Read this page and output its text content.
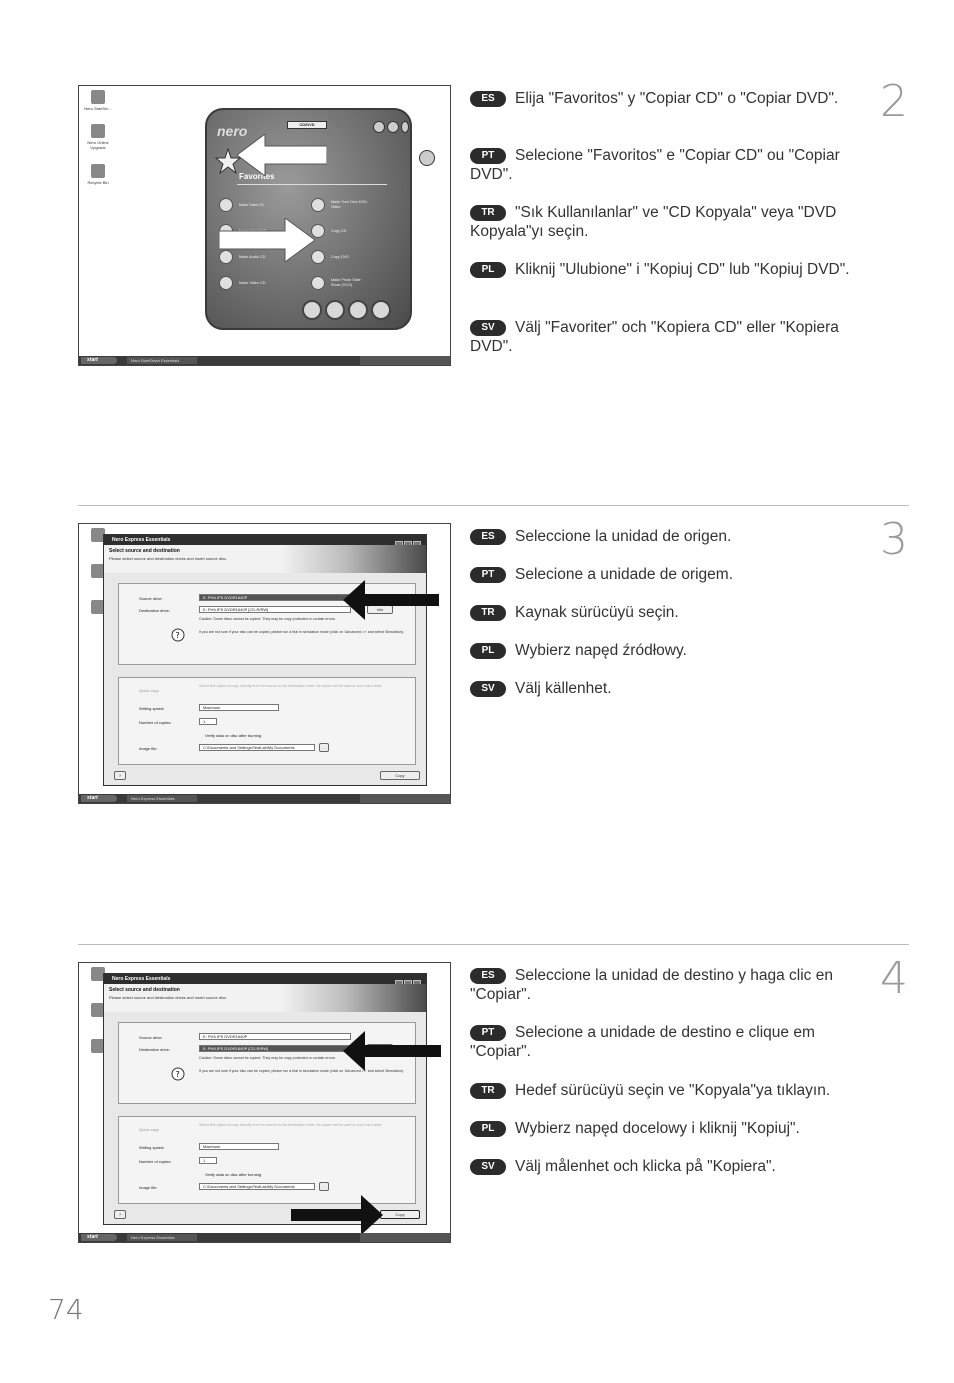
Nero StartSm...
Nero Online Upgrade
Recycle Bin
nero	CD/DVD
Favorites
Make Data CD
Make Audio CD
Make Video CD
Make Your Own DVD-Video
Copy CD
Copy DVD
Make Photo Slide Show (VCD)
start	Nero StartSmart Essentials
ES Elija "Favoritos" y "Copiar CD" o "Copiar DVD".
PT Selecione "Favoritos" e "Copiar CD" ou "Copiar DVD".
TR "Sık Kullanılanlar" ve "CD Kopyala" veya "DVD Kopyala"yı seçin.
PL Kliknij "Ulubione" i "Kopiuj CD" lub "Kopiuj DVD".
SV Välj "Favoriter" och "Kopiera CD" eller "Kopiera DVD".
2
Nero Express Essentials
Select source and destination
Please select source and destination drives and insert source disc.
Source drive:	E: PHILIPS DVDR1640P
Destination drive:	E: PHILIPS DVDR1640P [CD-R/RW]	Info
Caution: Some discs cannot be copied. They may be copy protected or contain errors.
?	If you are not sure if your disc can be copied, please run a trial in simulation mode (click on 'Advanced >>' and select Simulation).
Quick copy
Select this option to copy directly from the source to the destination drive. No space will be used on your hard drive.
Writing speed:	Maximum
Number of copies:	1
Verify data on disc after burning
Image file:	C:\Documents and Settings\TestLab\My Documents	…
?	Copy
start	Nero Express Essentials
ES Seleccione la unidad de origen.
PT Selecione a unidade de origem.
TR Kaynak sürücüyü seçin.
PL Wybierz napęd źródłowy.
SV Välj källenhet.
3
Nero Express Essentials
Select source and destination
Please select source and destination drives and insert source disc.
Source drive:	E: PHILIPS DVDR1640P
Destination drive:	E: PHILIPS DVDR1640P [CD-R/RW]
Caution: Some discs cannot be copied. They may be copy protected or contain errors.
?	If you are not sure if your disc can be copied, please run a trial in simulation mode (click on 'Advanced >>' and select Simulation).
Quick copy
Select this option to copy directly from the source to the destination drive. No space will be used on your hard drive.
Writing speed:	Maximum
Number of copies:	1
Verify data on disc after burning
Image file:	C:\Documents and Settings\TestLab\My Documents	…
?	Copy
start	Nero Express Essentials
ES Seleccione la unidad de destino y haga clic en "Copiar".
PT Selecione a unidade de destino e clique em "Copiar".
TR Hedef sürücüyü seçin ve "Kopyala"ya tıklayın.
PL Wybierz napęd docelowy i kliknij "Kopiuj".
SV Välj målenhet och klicka på "Kopiera".
4
74
